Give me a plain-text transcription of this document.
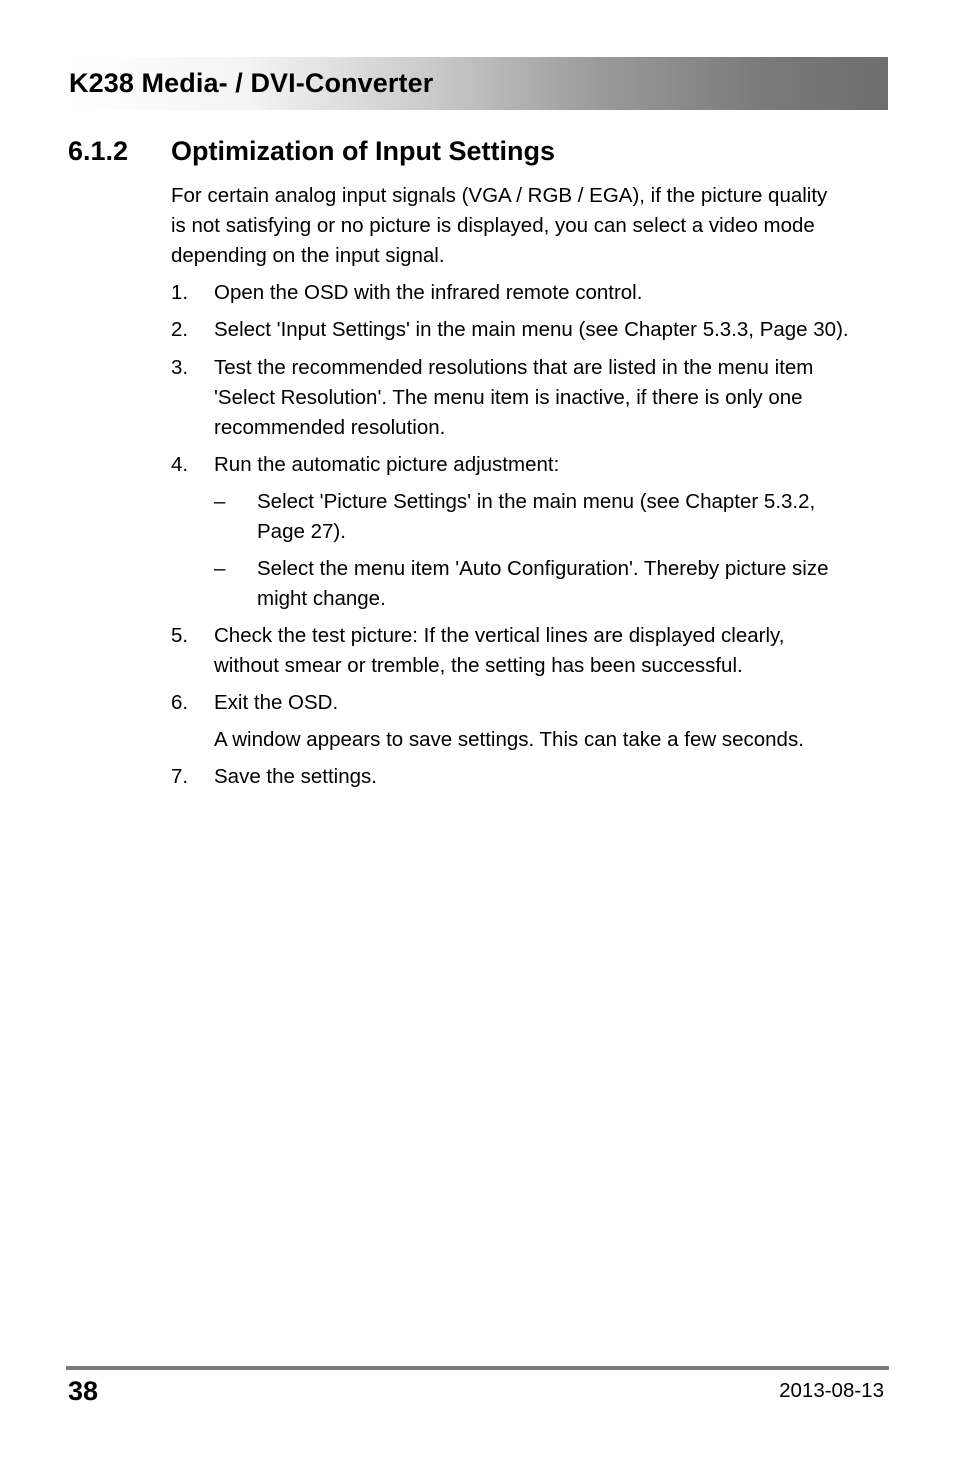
K238 Media- / DVI-Converter
6.1.2 Optimization of Input Settings
For certain analog input signals (VGA / RGB / EGA), if the picture quality
is not satisfying or no picture is displayed, you can select a video mode
depending on the input signal.
1. Open the OSD with the infrared remote control.
2. Select 'Input Settings' in the main menu (see Chapter 5.3.3, Page 30).
3. Test the recommended resolutions that are listed in the menu item
'Select Resolution'. The menu item is inactive, if there is only one
recommended resolution.
4. Run the automatic picture adjustment:
– Select 'Picture Settings' in the main menu (see Chapter 5.3.2,
Page 27).
– Select the menu item 'Auto Configuration'. Thereby picture size
might change.
5. Check the test picture: If the vertical lines are displayed clearly,
without smear or tremble, the setting has been successful.
6. Exit the OSD.
A window appears to save settings. This can take a few seconds.
7. Save the settings.
38	2013-08-13
